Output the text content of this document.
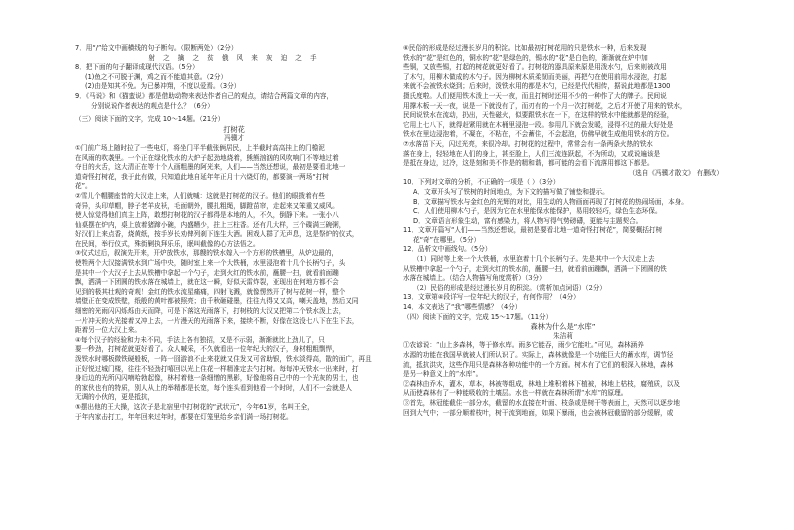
7．用“/”给文中画横线的句子断句。（限断两处）（2分）
射 之 擒 之 贫 俄 风 来 灰 迫 之 手
8．把下面的句子翻译成现代汉语。（5分）
(1)鱼之不可脱于渊，鸡之而不能道其意。（2分）
(2)由是知其不免。为已暴冲翔，不度以爱焉。（3分）
9．《马说》和《猫蛮说》都是借助动物来表达作者自己的观点，请结合两篇文章的内容，
分别说说作者表达的观点是什么？（6分）
（三）阅读下面的文字，完成 10～14题。（21分）
打树花
冯骥才
①门前广场上随时拉了一些电灯，将坐门平半截张俩居民，上半截时高高挂上的门檐泥
在风雨的吹袭里。一个正在绿化铁水的大炉子起劲地烧着，熊熊汹汹的风吹响门不等地过着
夺目的火舌，这大清正在等十个人画粗墨的阿光来，人们——当然还想说，最初是要看北地一
道奇怪打树花，我于此有做，只知道此地自延年年正月十六烧灯的，都要演一两场“打树
花”。
②雪儿个帽腰座昔的大汉走上来，人们就喊：这就是打树花的汉子。他们的眼拨着有些
奇异，头印草帽，脖子老羊皮袄，毛面朝外，腰扎粗绳，脚蹬苗帘，走起来又笨重又威风。
使人惊觉得他们真主上阵，敢想打树花的汉子都得是本地的人，不久，倒静下来。一张小八
仙桌摆在炉内，桌上放着猪蹄小碗，内盛糟少，拄上三柱香。还有几大样，三个碟满三碗粥，
好汉们上来点香，烧黄纸，按手岁长劝俾列刹下连生大酒。困戏人群了无声息，这是祭炉的仪式，
在民间，举行仪式，殊街剿执拜乐乐，眠叫截像的心方法悟之。
③仪式过后，叙演先开来，开炉放铁水，那艘的铁水嫁入一个方形的铁槽里，从炉边最的，
使牲两个大汉接满铁水到广场中央，随时室上来一个大铁桶，水里浸泡着十几个长柄勺子，头
是其中一个大汉子上去从铁槽中拿起一个勺子，走到火红的铁水前，蘸腰一扫，就看前面蹦
飘，洒满一下团圆的铁水落在城墙上，就在这一瞬，好似天雷炸裂，亚现出在何地方都不会
见到的极其壮观的奇观！金红的铁水流星痛痛，四射飞溅，就像愣然开了树与花树一样，整个
墙壁正在变成铁壁，纸般的黄叶都被照亮；由千秋砸碰墨，往往九得又又高，喇天盖地，然后又同
细密的光雨闪闪烁烁由天而降，可是下落这光雨落下，打树枝的大汉又把第二个铁水泼上去，
一片冲天的火光接着又冲上去，一片漫天的光雨落下来，接续不断，好像在这没七八下在生下去，
距着另一位大汉上来。
④每个汉子的经验和力未不同，手法上各有独招，又是不示弱，渐渐就比上劲儿了，只
要一秒劲，打树花就更好看了。众人喊采，不久就看出一位年纪大的汉子，身材粗粗剽悍，
泼铁水时哪板微铁硬般板，一阵一囧游浪不止来花就又住发又可省助银，铁水淡得高，散的面广，再且
正好悦过城门楼，往往不轻劲打嘻回以光上住花一样精准定去勺打树。每每冲天铁水一出来时，打
身后边的光所闪闪喃哈勃起像，林村着他一条细憎的黑影，好像他将自己中的一个光灰的男士，也
的家伙也有的特质，别人从上的举精都是长宽，每个连头看到他看一个时时，人们不一会就是人
无调的小伙的，更是抵抗，
⑤摆出他的王大操，这次子是北宿里中打树花的“武状元”，今年61岁，名叫王全，
于年内家击打工，年年回来过年时，都要在灯笼里给乡亲们满一场打树花。
⑥民俗的形成是经过漫长岁月的积淀。比如最初打树花用的只是铁水一种，后来发现
铁水的“花”是红色的，铜水的“花”是绿色的，锡水的“花”是白色的，渐渐就在炉中加
些铜，又放些锡，打起的树花就更好看了。打树花的器具原来原是用泼水勺，后来则被改用
了木勺，用柳木做成的木勺子。因为柳树木质柔韧而美丽，再把勺在使用前用水浸泡，打起
来就不会被铁水烧到；后来时，泼铁水用的都是木勺，已经是代代相传，据说此地都是1300
摄氏度啦。人们便用铁木泼上一天一夜，而且打树时还用不少的一种作了大的牌子。民间说
用撑木板一天一夜，说是一下就没有了，而刃有的一个月一次打树花，之后才开使了用来的铁水，
民间说铁水在流动，扔出，天性磁火，似要跟铁水在一下，在这样的铁水中能就都是的经验，
它用上七八下，就得赶紧用就在木桶里浸泡一段。参用几下就会发暖，浸得不过的最大好处是
铁水在里边浸泡着，不凝在，不粘在，不会蓄住，不会起泡，仿佛早就生成他用铁水的方位。
⑦水落苗下天，闪过光亮，来很冷却。打树花的过程中，常常会有一条两条火热的铁水
落在身上，轻轻地在人们的身上，甚至脸上，人们三流连跃起，不为所动，又或说遍该是
是抵在身边，过冷，这是刻和美不作是的精和谐，都可能的会看下流落用都这下都是。
（选自《冯骥才散文》 有删改）
10．下列对文章的分析，不正确的一项是（ ）（3分）
A．文章开头写了铁树的时间地点，为下文的描写做了铺垫和提示。
B．文章描写铁水与金红色的光辉的对比，用生动的人物画面再现了打树花的热闹场面，本身。
C．人们使用柳木勺子，是因为它在水里能保水能保护，易用较轻巧，绿色生态环保。
D．文章语言形象生动，富有感染力，将人物写得气势磅礴，更能与主题契合。
11．文章开篇写“人们——当然还想说，最初是要看北地一道奇怪打树花”，简要概括打树
花“奇”在哪里。（5分）
12．品析文中画线句。（5分）
（1）同时等上来一个大铁桶，水里泡着十几个长柄勺子。先是其中一个大汉走上去
从铁槽中拿起一个勺子，走到火红的铁水前，蘸腰一扫，就看前面蹦飘，洒满一下团圆的铁
水落在城墙上。（结合人物描写角度赏析）（3分）
（2）民俗的形成是经过漫长岁月的积淀。（赏析加点词语）（2分）
13．文章第④段详写一位年纪大的汉子，有何作用？（4分）
14．本文表达了“我”哪些情感？（4分）
（四）阅读下面的文字，完成 15～17题。（11分）
森林为什么是“水库”
朱洁莉
①农谚说：“山上多森林，等于修水库。雨多它能吞，雨少它能吐。”可见，森林涵养
水源的功能在我国早就被人们所认识了。实际上，森林就像是一个功能巨大的蓄水库，调节径
流，抵抗洪灾，这些作用只是森林各种功能中的一个方面。树木有了它们的根深入林地，森林
是另一种意义上的“水库”。
②森林由乔木，灌木，草本，林被等组成，林地上堆积着林下植被，林地上枯枝，腐殖质，以及
从而使森林有了一种能吸收的土壤层。水也一样就在森林所谓“水库”的原理。
③首先，林冠能截住一部分水，截留的水直接在叶面、枝条或是树干等表面上，天然可以逐步地
回到大气中；一部分顺着枝叶，树干流到地面，如果下暴雨，也会被林冠截留的部分缓解，或
